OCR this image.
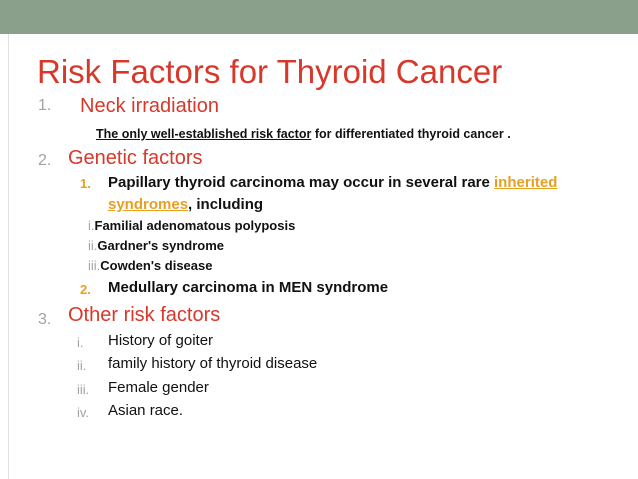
Risk Factors for Thyroid Cancer
1. Neck irradiation
The only well-established risk factor for differentiated thyroid cancer .
2. Genetic factors
1. Papillary thyroid carcinoma may occur in several rare inherited
syndromes, including
i.Familial adenomatous polyposis
ii.Gardner's syndrome
iii.Cowden's disease
2. Medullary carcinoma in MEN syndrome
3. Other risk factors
i. History of goiter
ii. family history of thyroid disease
iii. Female gender
iv. Asian race.
